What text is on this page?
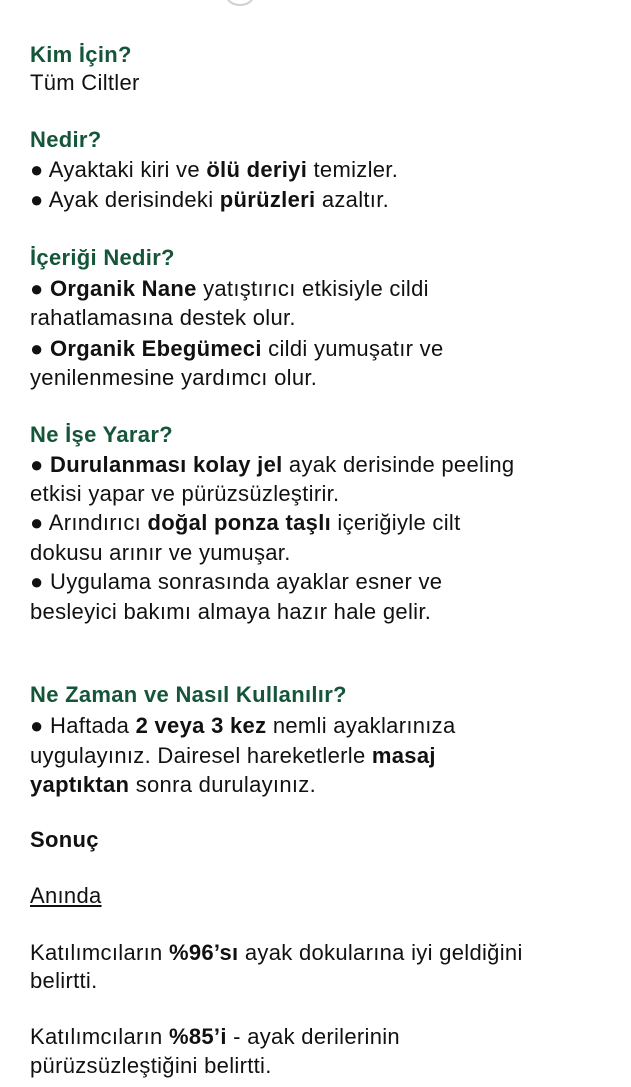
Kim İçin?
Tüm Ciltler
Nedir?
● Ayaktaki kiri ve ölü deriyi temizler.
● Ayak derisindeki pürüzleri azaltır.
İçeriği Nedir?
● Organik Nane yatıştırıcı etkisiyle cildi
rahatlamasına destek olur.
● Organik Ebegümeci cildi yumuşatır ve
yenilenmesine yardımcı olur.
Ne İşe Yarar?
● Durulanması kolay jel ayak derisinde peeling
etkisi yapar ve pürüzsüzleştirir.
● Arındırıcı doğal ponza taşlı içeriğiyle cilt
dokusu arınır ve yumuşar.
● Uygulama sonrasında ayaklar esner ve
besleyici bakımı almaya hazır hale gelir.
Ne Zaman ve Nasıl Kullanılır?
● Haftada 2 veya 3 kez nemli ayaklarınıza
uygulayınız. Dairesel hareketlerle masaj
yaptıktan sonra durulayınız.
Sonuç
Anında
Katılımcıların %96’sı ayak dokularına iyi geldiğini
belirtti.
Katılımcıların %85’i - ayak derilerinin
pürüzsüzleştiğini belirtti.
